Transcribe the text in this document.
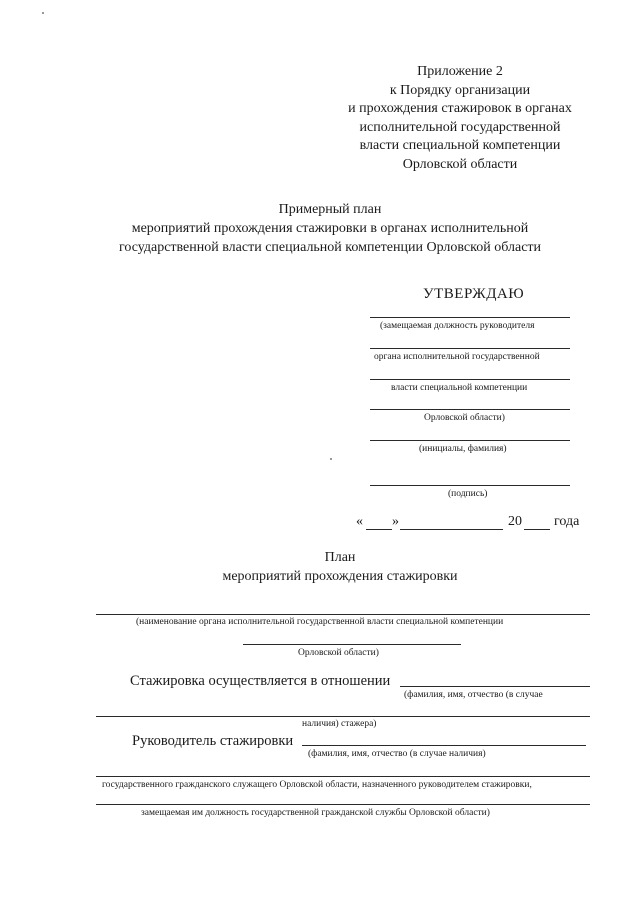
Приложение 2
к Порядку организации
и прохождения стажировок в органах
исполнительной государственной
власти специальной компетенции
Орловской области
Примерный план
мероприятий прохождения стажировки в органах исполнительной
государственной власти специальной компетенции Орловской области
УТВЕРЖДАЮ
(замещаемая должность руководителя
органа исполнительной государственной
власти специальной компетенции
Орловской области)
(инициалы, фамилия)
(подпись)
« »	20 года
План
мероприятий прохождения стажировки
(наименование органа исполнительной государственной власти специальной компетенции
Орловской области)
Стажировка осуществляется в отношении
(фамилия, имя, отчество (в случае
наличия) стажера)
Руководитель стажировки
(фамилия, имя, отчество (в случае наличия)
государственного гражданского служащего Орловской области, назначенного руководителем стажировки,
замещаемая им должность государственной гражданской службы Орловской области)
